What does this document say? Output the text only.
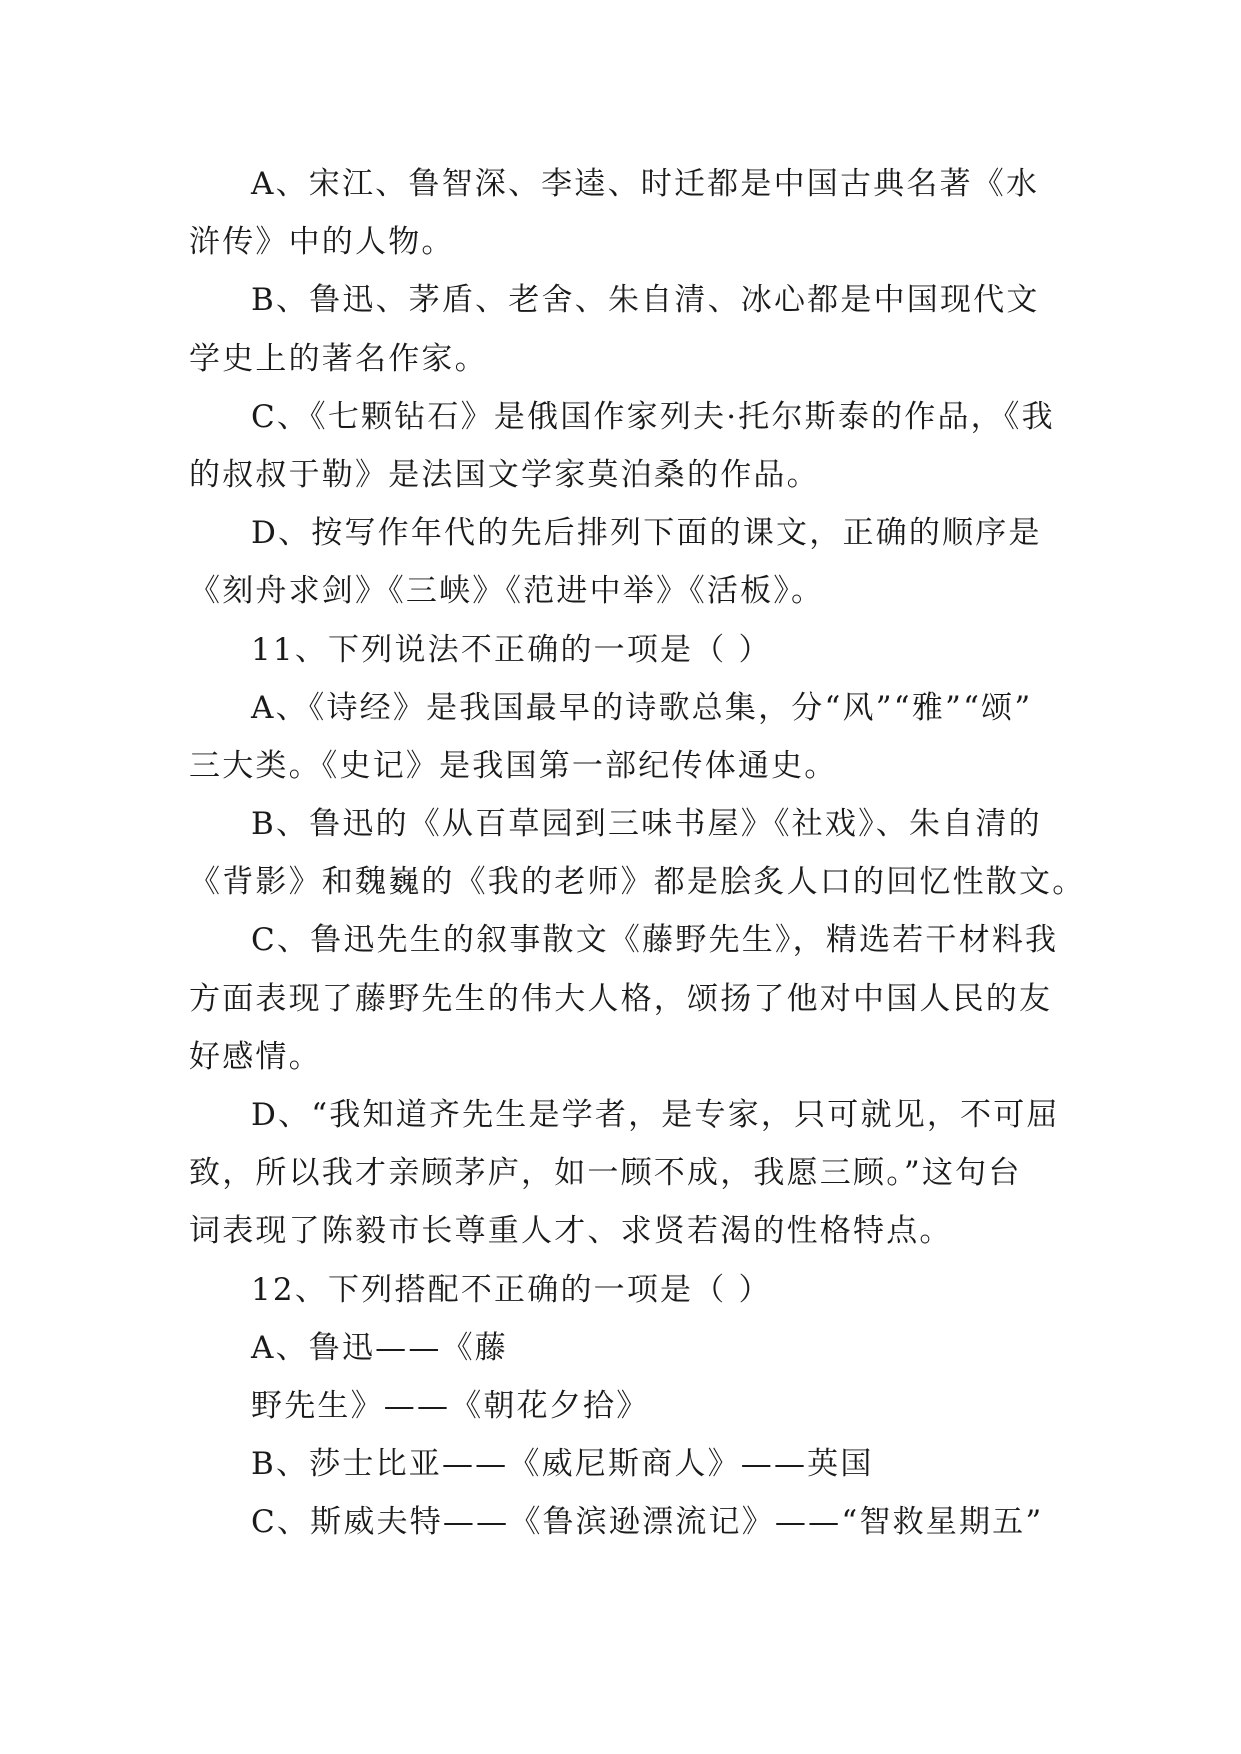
A、宋江、鲁智深、李逵、时迁都是中国古典名著《水
浒传》中的人物。
B、鲁迅、茅盾、老舍、朱自清、冰心都是中国现代文
学史上的著名作家。
C、《七颗钻石》是俄国作家列夫·托尔斯泰的作品，《我
的叔叔于勒》是法国文学家莫泊桑的作品。
D、按写作年代的先后排列下面的课文，正确的顺序是
《刻舟求剑》《三峡》《范进中举》《活板》。
11、下列说法不正确的一项是（ ）
A、《诗经》是我国最早的诗歌总集，分“风”“雅”“颂”
三大类。《史记》是我国第一部纪传体通史。
B、鲁迅的《从百草园到三味书屋》《社戏》、朱自清的
《背影》和魏巍的《我的老师》都是脍炙人口的回忆性散文。
C、鲁迅先生的叙事散文《藤野先生》，精选若干材料我
方面表现了藤野先生的伟大人格，颂扬了他对中国人民的友
好感情。
D、“我知道齐先生是学者，是专家，只可就见，不可屈
致，所以我才亲顾茅庐，如一顾不成，我愿三顾。”这句台
词表现了陈毅市长尊重人才、求贤若渴的性格特点。
12、下列搭配不正确的一项是（ ）
A、鲁迅——《藤
野先生》——《朝花夕拾》
B、莎士比亚——《威尼斯商人》——英国
C、斯威夫特——《鲁滨逊漂流记》——“智救星期五”
